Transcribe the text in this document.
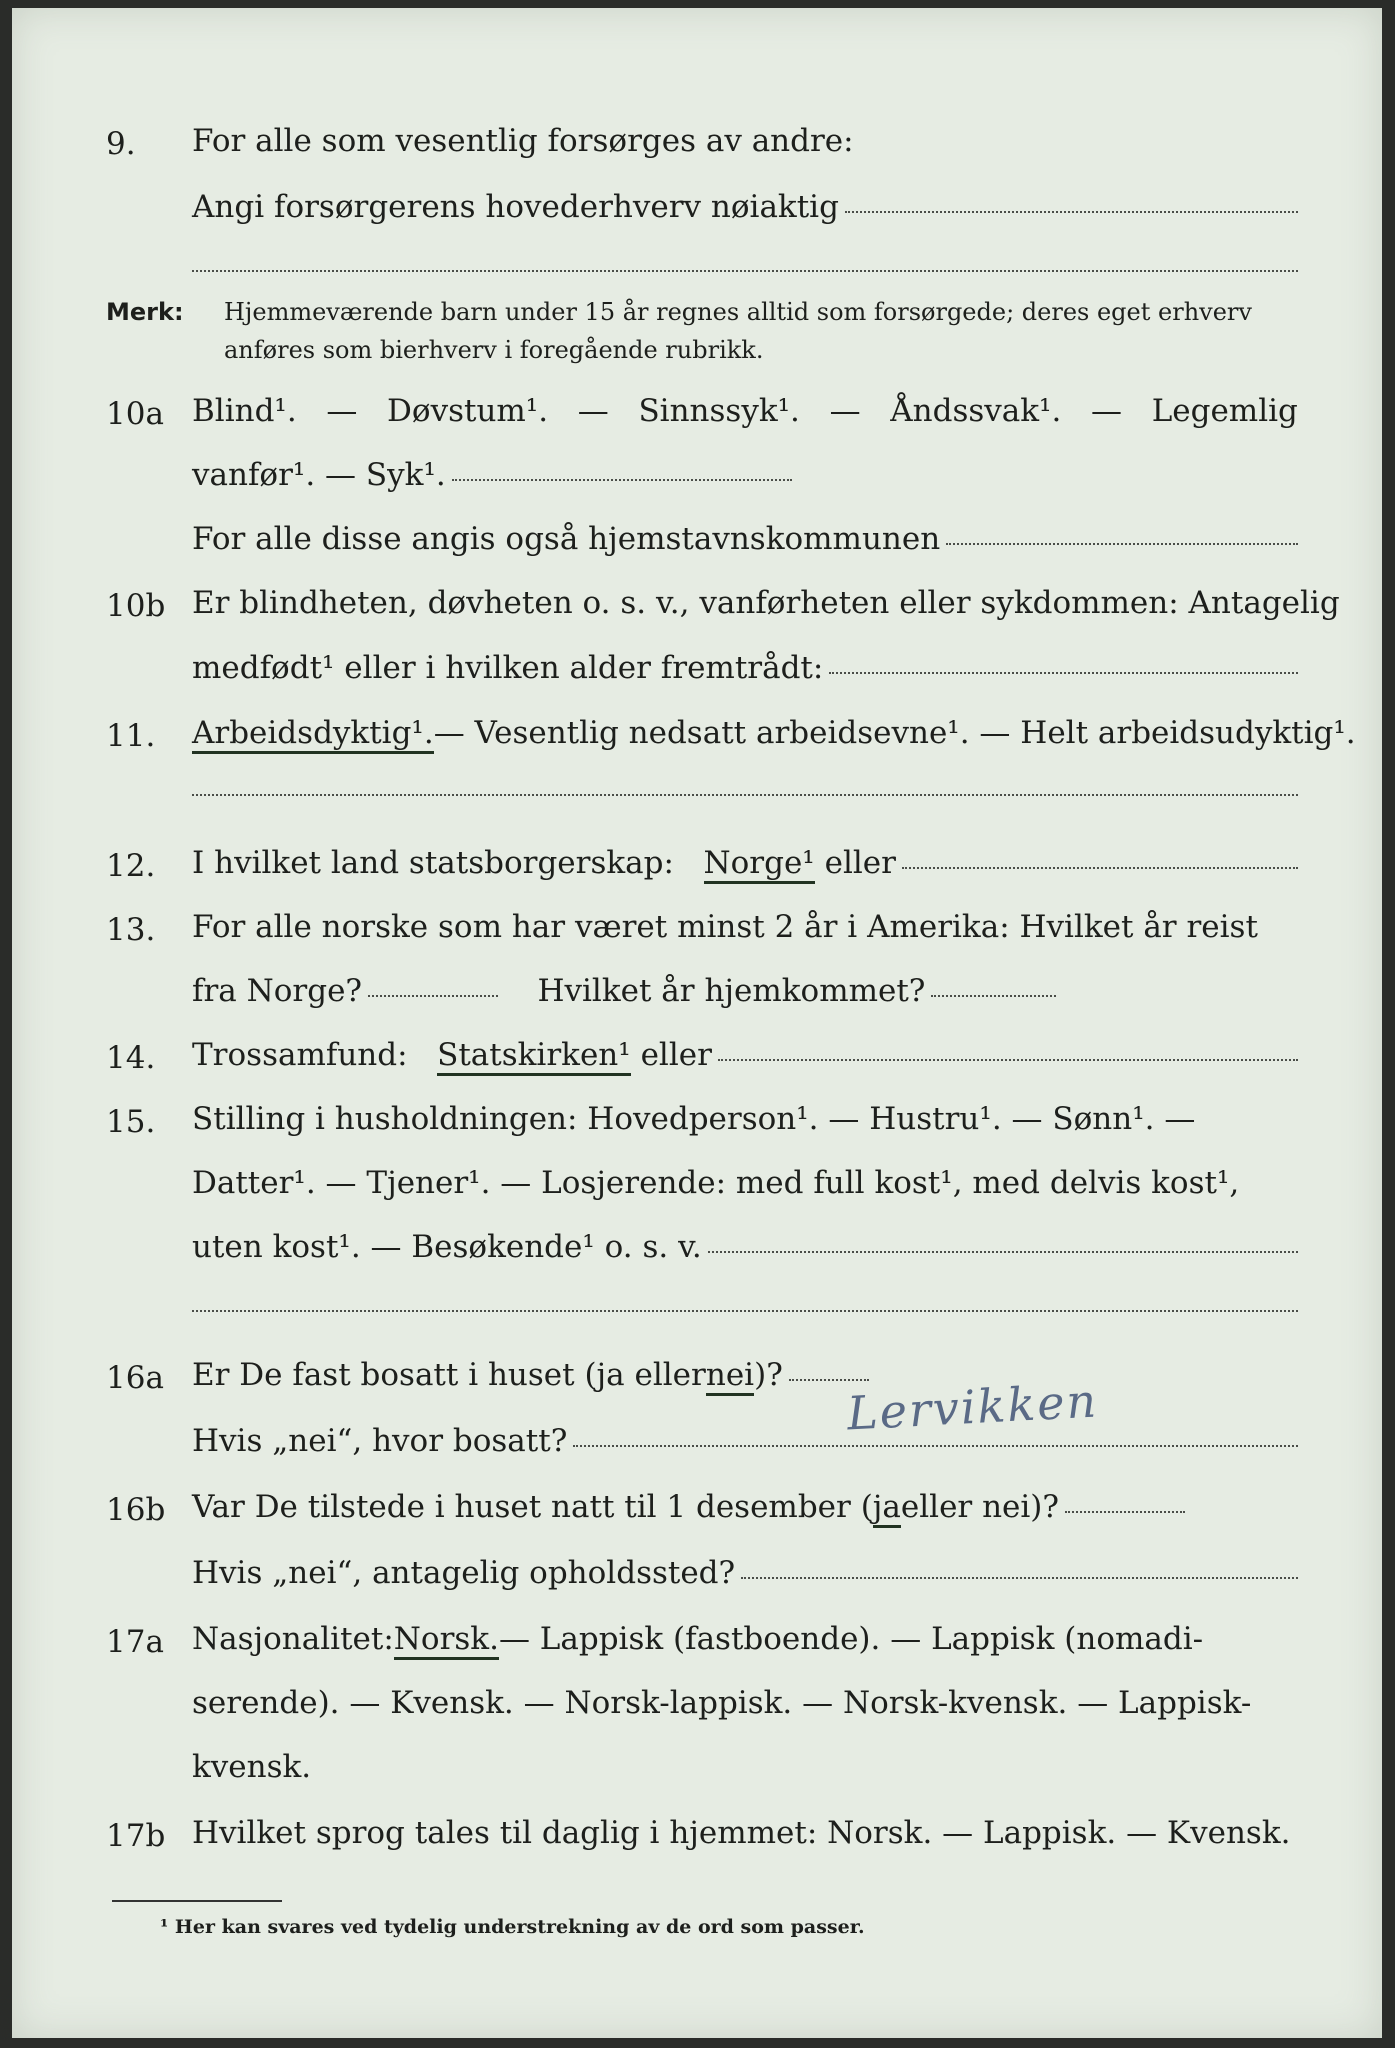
9.	For alle som vesentlig forsørges av andre:
Angi forsørgerens hovederhverv nøiaktig
Merk: Hjemmeværende barn under 15 år regnes alltid som forsørgede; deres eget erhverv
anføres som bierhverv i foregående rubrikk.
10a Blind¹. — Døvstum¹. — Sinnssyk¹. — Åndssvak¹. — Legemlig
vanfør¹. — Syk¹.
For alle disse angis også hjemstavnskommunen
10b Er blindheten, døvheten o. s. v., vanførheten eller sykdommen: Antagelig
medfødt¹ eller i hvilken alder fremtrådt:
11.	Arbeidsdyktig¹. — Vesentlig nedsatt arbeidsevne¹. — Helt arbeidsudyktig¹.
12.	I hvilket land statsborgerskap:
Norge¹
eller
13.	For alle norske som har været minst 2 år i Amerika: Hvilket år reist
fra Norge?
	Hvilket år hjemkommet?
14.	Trossamfund:
Statskirken¹
eller
15.	Stilling i husholdningen: Hovedperson¹. — Hustru¹. — Sønn¹. —
Datter¹. — Tjener¹. — Losjerende: med full kost¹, med delvis kost¹,
uten kost¹. — Besøkende¹ o. s. v.
16a Er De fast bosatt i huset (ja eller nei )?
Hvis „nei“, hvor bosatt?
Lervikken
16b Var De tilstede i huset natt til 1 desember ( ja eller nei)?
Hvis „nei“, antagelig opholdssted?
17a Nasjonalitet: Norsk. — Lappisk (fastboende). — Lappisk (nomadi-
serende). — Kvensk. — Norsk-lappisk. — Norsk-kvensk. — Lappisk-
kvensk.
17b Hvilket sprog tales til daglig i hjemmet: Norsk. — Lappisk. — Kvensk.
¹ Her kan svares ved tydelig understrekning av de ord som passer.
